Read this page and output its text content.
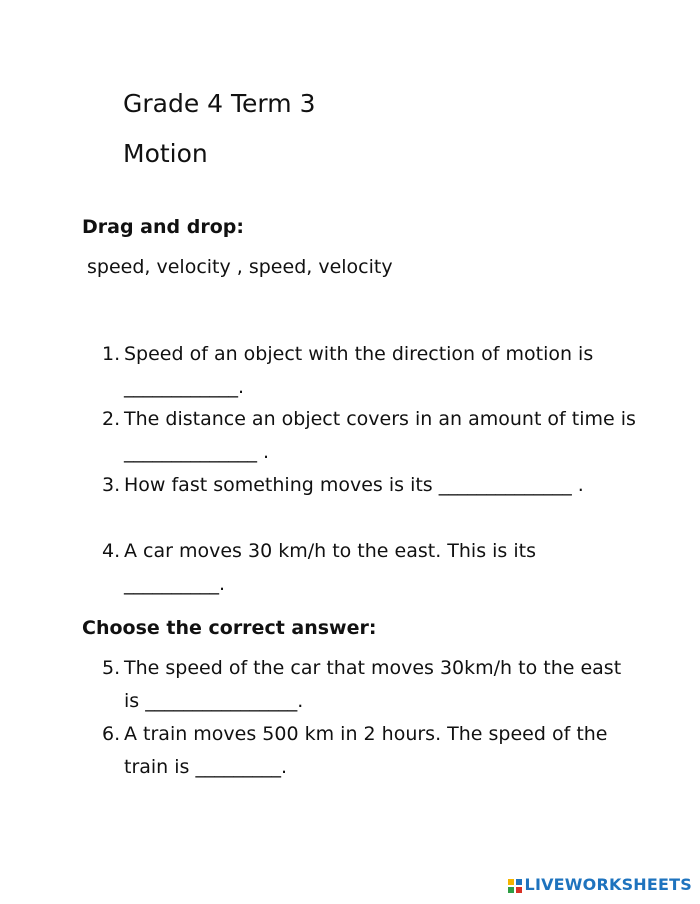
Grade 4 Term 3
Motion
Drag and drop:

speed, velocity , speed, velocity

1. Speed of an object with the direction of motion is ____________.
2. The distance an object covers in an amount of time is ______________ .
3. How fast something moves is its ______________ .
4. A car moves 30 km/h to the east. This is its __________.
Choose the correct answer:
5. The speed of the car that moves 30km/h to the east is ________________.
6. A train moves 500 km in 2 hours. The speed of the train is _________.
LIVEWORKSHEETS
